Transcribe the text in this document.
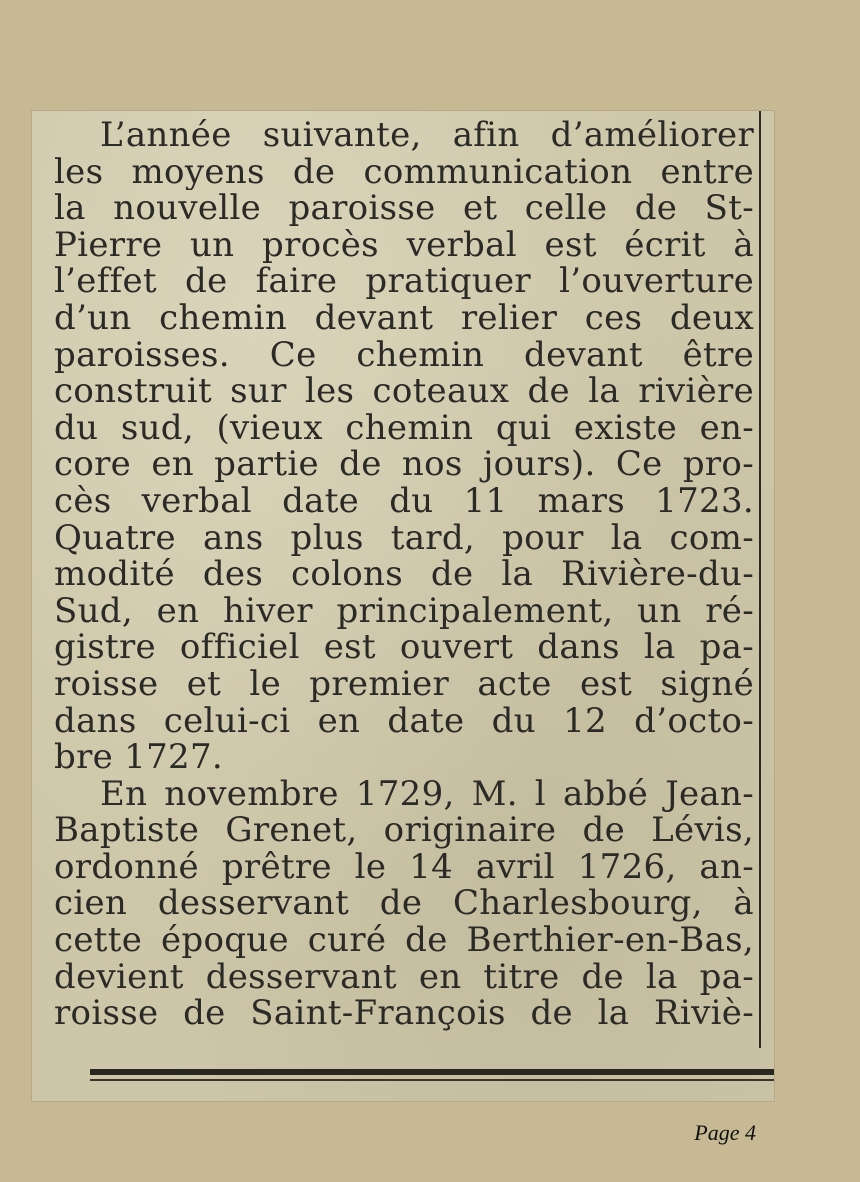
L’année suivante, afin d’améliorer
les moyens de communication entre
la nouvelle paroisse et celle de St-
Pierre un procès verbal est écrit à
l’effet de faire pratiquer l’ouverture
d’un chemin devant relier ces deux
paroisses. Ce chemin devant être
construit sur les coteaux de la rivière
du sud, (vieux chemin qui existe en-
core en partie de nos jours). Ce pro-
cès verbal date du 11 mars 1723.
Quatre ans plus tard, pour la com-
modité des colons de la Rivière-du-
Sud, en hiver principalement, un ré-
gistre officiel est ouvert dans la pa-
roisse et le premier acte est signé
dans celui-ci en date du 12 d’octo-
bre 1727.
En novembre 1729, M. l abbé Jean-
Baptiste Grenet, originaire de Lévis,
ordonné prêtre le 14 avril 1726, an-
cien desservant de Charlesbourg, à
cette époque curé de Berthier-en-Bas,
devient desservant en titre de la pa-
roisse de Saint-François de la Riviè-
Page 4
